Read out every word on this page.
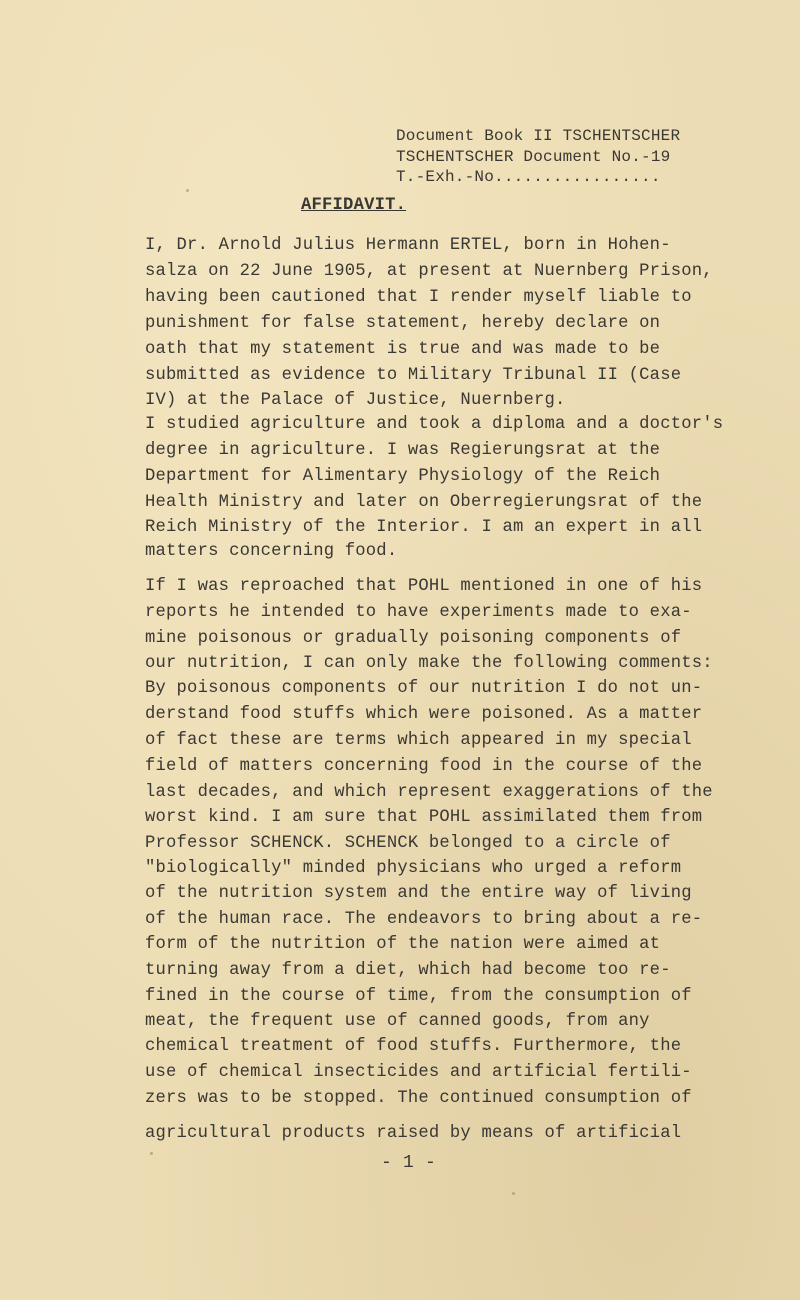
Document Book II TSCHENTSCHER
TSCHENTSCHER Document No.-19
T.-Exh.-No.................
AFFIDAVIT.
I, Dr. Arnold Julius Hermann ERTEL, born in Hohen-
salza on 22 June 1905, at present at Nuernberg Prison,
having been cautioned that I render myself liable to
punishment for false statement, hereby declare on
oath that my statement is true and was made to be
submitted as evidence to Military Tribunal II (Case
IV) at the Palace of Justice, Nuernberg.
I studied agriculture and took a diploma and a doctor's
degree in agriculture. I was Regierungsrat at the
Department for Alimentary Physiology of the Reich
Health Ministry and later on Oberregierungsrat of the
Reich Ministry of the Interior. I am an expert in all
matters concerning food.
If I was reproached that POHL mentioned in one of his
reports he intended to have experiments made to exa-
mine poisonous or gradually poisoning components of
our nutrition, I can only make the following comments:
By poisonous components of our nutrition I do not un-
derstand food stuffs which were poisoned. As a matter
of fact these are terms which appeared in my special
field of matters concerning food in the course of the
last decades, and which represent exaggerations of the
worst kind. I am sure that POHL assimilated them from
Professor SCHENCK. SCHENCK belonged to a circle of
"biologically" minded physicians who urged a reform
of the nutrition system and the entire way of living
of the human race. The endeavors to bring about a re-
form of the nutrition of the nation were aimed at
turning away from a diet, which had become too re-
fined in the course of time, from the consumption of
meat, the frequent use of canned goods, from any
chemical treatment of food stuffs. Furthermore, the
use of chemical insecticides and artificial fertili-
zers was to be stopped. The continued consumption of
agricultural products raised by means of artificial
- 1 -
